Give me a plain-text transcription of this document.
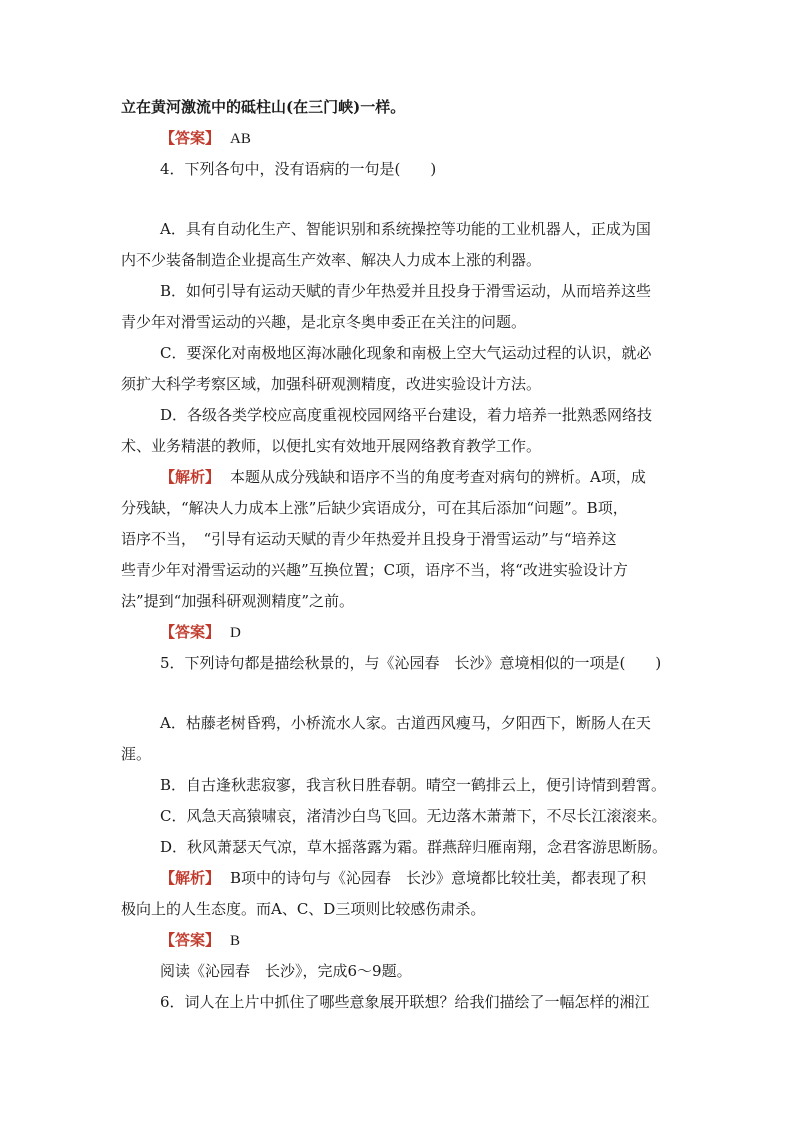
立在黄河激流中的砥柱山(在三门峡)一样。
【答案】 AB
4．下列各句中，没有语病的一句是(　　)
A．具有自动化生产、智能识别和系统操控等功能的工业机器人，正成为国
内不少装备制造企业提高生产效率、解决人力成本上涨的利器。
B．如何引导有运动天赋的青少年热爱并且投身于滑雪运动，从而培养这些
青少年对滑雪运动的兴趣，是北京冬奥申委正在关注的问题。
C．要深化对南极地区海冰融化现象和南极上空大气运动过程的认识，就必
须扩大科学考察区域，加强科研观测精度，改进实验设计方法。
D．各级各类学校应高度重视校园网络平台建设，着力培养一批熟悉网络技
术、业务精湛的教师，以便扎实有效地开展网络教育教学工作。
【解析】 本题从成分残缺和语序不当的角度考查对病句的辨析。A项，成
分残缺，“解决人力成本上涨”后缺少宾语成分，可在其后添加“问题”。B项，
语序不当，　“引导有运动天赋的青少年热爱并且投身于滑雪运动”与“培养这
些青少年对滑雪运动的兴趣”互换位置；C项，语序不当，将“改进实验设计方
法”提到“加强科研观测精度”之前。
【答案】 D
5．下列诗句都是描绘秋景的，与《沁园春　长沙》意境相似的一项是(　　)
A．枯藤老树昏鸦，小桥流水人家。古道西风瘦马，夕阳西下，断肠人在天
涯。
B．自古逢秋悲寂寥，我言秋日胜春朝。晴空一鹤排云上，便引诗情到碧霄。
C．风急天高猿啸哀，渚清沙白鸟飞回。无边落木萧萧下，不尽长江滚滚来。
D．秋风萧瑟天气凉，草木摇落露为霜。群燕辞归雁南翔，念君客游思断肠。
【解析】 B项中的诗句与《沁园春　长沙》意境都比较壮美，都表现了积
极向上的人生态度。而A、C、D三项则比较感伤肃杀。
【答案】 B
阅读《沁园春　长沙》，完成6～9题。
6．词人在上片中抓住了哪些意象展开联想？给我们描绘了一幅怎样的湘江
